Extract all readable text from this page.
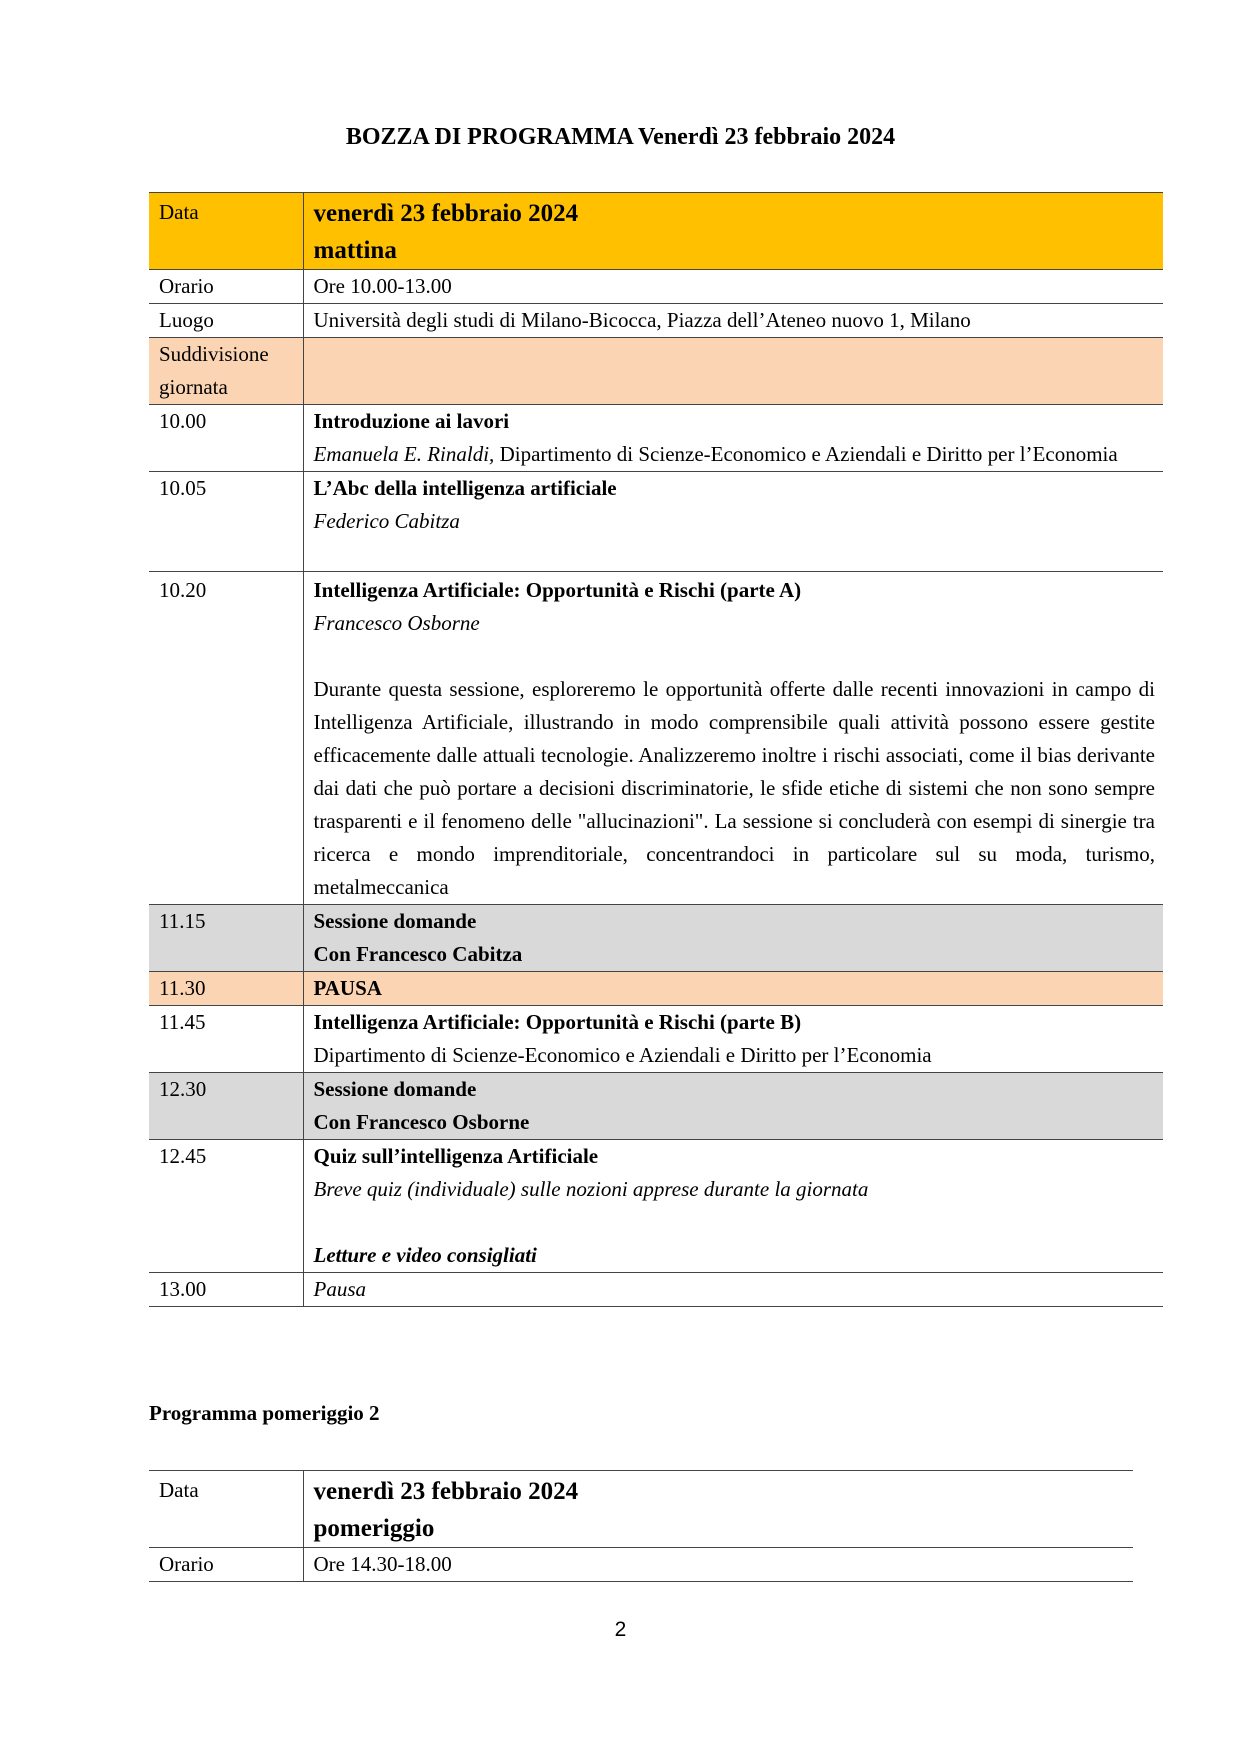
BOZZA DI PROGRAMMA Venerdì 23 febbraio 2024
Data	venerdì 23 febbraio 2024
mattina

Orario	Ore 10.00-13.00
Luogo	Università degli studi di Milano-Bicocca, Piazza dell’Ateneo nuovo 1, Milano
Suddivisione giornata	
10.00	Introduzione ai lavori
Emanuela E. Rinaldi, Dipartimento di Scienze-Economico e Aziendali e Diritto per l’Economia

10.05	L’Abc della intelligenza artificiale
Federico Cabitza

10.20	Intelligenza Artificiale: Opportunità e Rischi (parte A)
Francesco Osborne
Durante questa sessione, esploreremo le opportunità offerte dalle recenti innovazioni in campo di Intelligenza Artificiale, illustrando in modo comprensibile quali attività possono essere gestite efficacemente dalle attuali tecnologie. Analizzeremo inoltre i rischi associati, come il bias derivante dai dati che può portare a decisioni discriminatorie, le sfide etiche di sistemi che non sono sempre trasparenti e il fenomeno delle "allucinazioni". La sessione si concluderà con esempi di sinergie tra ricerca e mondo imprenditoriale, concentrandoci in particolare sul su moda, turismo, metalmeccanica

11.15	Sessione domande
Con Francesco Cabitza

11.30	PAUSA

11.45	Intelligenza Artificiale: Opportunità e Rischi (parte B)
Dipartimento di Scienze-Economico e Aziendali e Diritto per l’Economia

12.30	Sessione domande
Con Francesco Osborne

12.45	Quiz sull’intelligenza Artificiale
Breve quiz (individuale) sulle nozioni apprese durante la giornata
Letture e video consigliati

13.00	Pausa

Programma pomeriggio 2

Data	venerdì 23 febbraio 2024
pomeriggio

Orario	Ore 14.30-18.00
2
